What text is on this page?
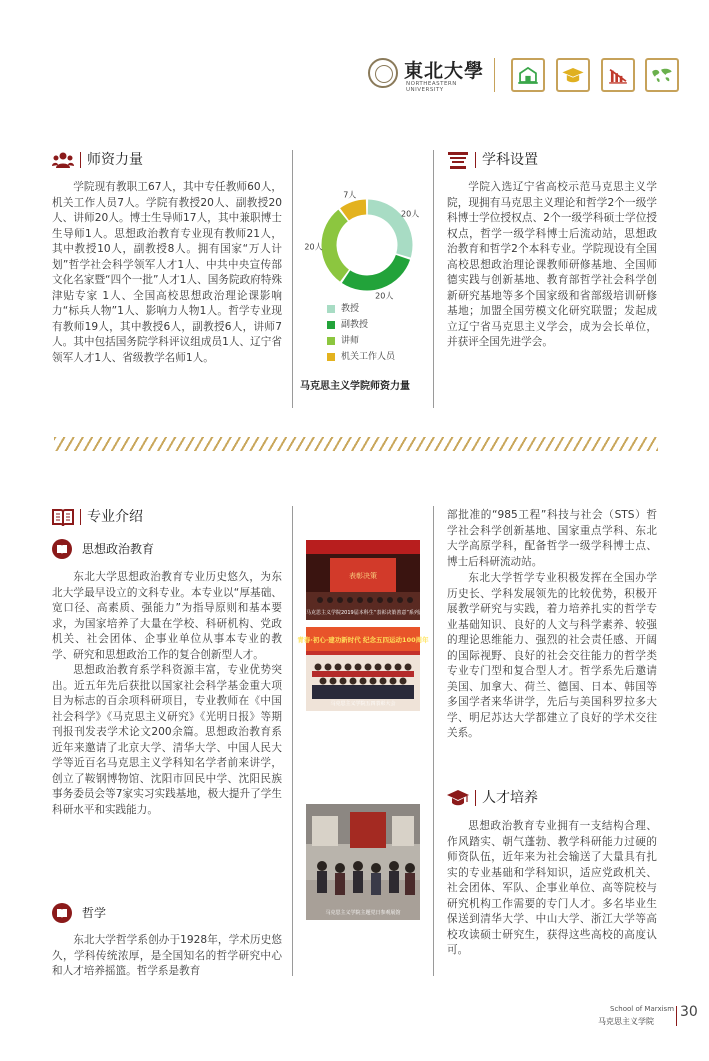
東北大學
NORTHEASTERN UNIVERSITY
师资力量
学院现有教职工67人，其中专任教师60人，机关工作人员7人。学院有教授20人、副教授20人、讲师20人。博士生导师17人，其中兼职博士生导师1人。思想政治教育专业现有教师21人，其中教授10人，副教授8人。拥有国家“万人计划”哲学社会科学领军人才1人、中共中央宣传部文化名家暨“四个一批”人才1人、国务院政府特殊津贴专家 1人、全国高校思想政治理论课影响力“标兵人物”1人、影响力人物1人。哲学专业现有教师19人，其中教授6人，副教授6人，讲师7人。其中包括国务院学科评议组成员1人、辽宁省领军人才1人、省级教学名师1人。
20人
20人
20人
7人
教授
副教授
讲师
机关工作人员
马克思主义学院师资力量
学科设置
学院入选辽宁省高校示范马克思主义学院，现拥有马克思主义理论和哲学2个一级学科博士学位授权点、2个一级学科硕士学位授权点，哲学一级学科博士后流动站，思想政治教育和哲学2个本科专业。学院现设有全国高校思想政治理论课教师研修基地、全国师德实践与创新基地、教育部哲学社会科学创新研究基地等多个国家级和省部级培训研修基地；加盟全国劳模文化研究联盟；发起成立辽宁省马克思主义学会，成为会长单位，并获评全国先进学会。
专业介绍
思想政治教育
东北大学思想政治教育专业历史悠久，为东北大学最早设立的文科专业。本专业以“厚基础、宽口径、高素质、强能力”为指导原则和基本要求，为国家培养了大量在学校、科研机构、党政机关、社会团体、企事业单位从事本专业的教学、研究和思想政治工作的复合创新型人才。
思想政治教育系学科资源丰富，专业优势突出。近五年先后获批以国家社会科学基金重大项目为标志的百余项科研项目，专业教师在《中国社会科学》《马克思主义研究》《光明日报》等期刊报刊发表学术论文200余篇。思想政治教育系近年来邀请了北京大学、清华大学、中国人民大学等近百名马克思主义学科知名学者前来讲学，创立了鞍钢博物馆、沈阳市回民中学、沈阳民族事务委员会等7家实习实践基地，极大提升了学生科研水平和实践能力。
哲学
东北大学哲学系创办于1928年，学术历史悠久，学科传统浓厚，是全国知名的哲学研究中心和人才培养摇篮。哲学系是教育
表彰决策
马克思主义学院2019届本科生“表彰决策善意”系列活动
青春·初心·建功新时代 纪念五四运动100周年
马克思主义学院五四表彰大会
马克思主义学院主题党日参观展馆
部批准的“985工程”科技与社会（STS）哲学社会科学创新基地、国家重点学科、东北大学高原学科，配备哲学一级学科博士点、博士后科研流动站。
东北大学哲学专业积极发挥在全国办学历史长、学科发展领先的比较优势，积极开展教学研究与实践，着力培养扎实的哲学专业基础知识、良好的人文与科学素养、较强的理论思维能力、强烈的社会责任感、开阔的国际视野、良好的社会交往能力的哲学类专业专门型和复合型人才。哲学系先后邀请美国、加拿大、荷兰、德国、日本、韩国等多国学者来华讲学，先后与美国科罗拉多大学、明尼苏达大学都建立了良好的学术交往关系。
人才培养
思想政治教育专业拥有一支结构合理、作风踏实、朝气蓬勃、教学科研能力过硬的师资队伍，近年来为社会输送了大量具有扎实的专业基础和学科知识，适应党政机关、社会团体、军队、企事业单位、高等院校与研究机构工作需要的专门人才。多名毕业生保送到清华大学、中山大学、浙江大学等高校攻读硕士研究生，获得这些高校的高度认可。
School of Marxism
马克思主义学院
30
